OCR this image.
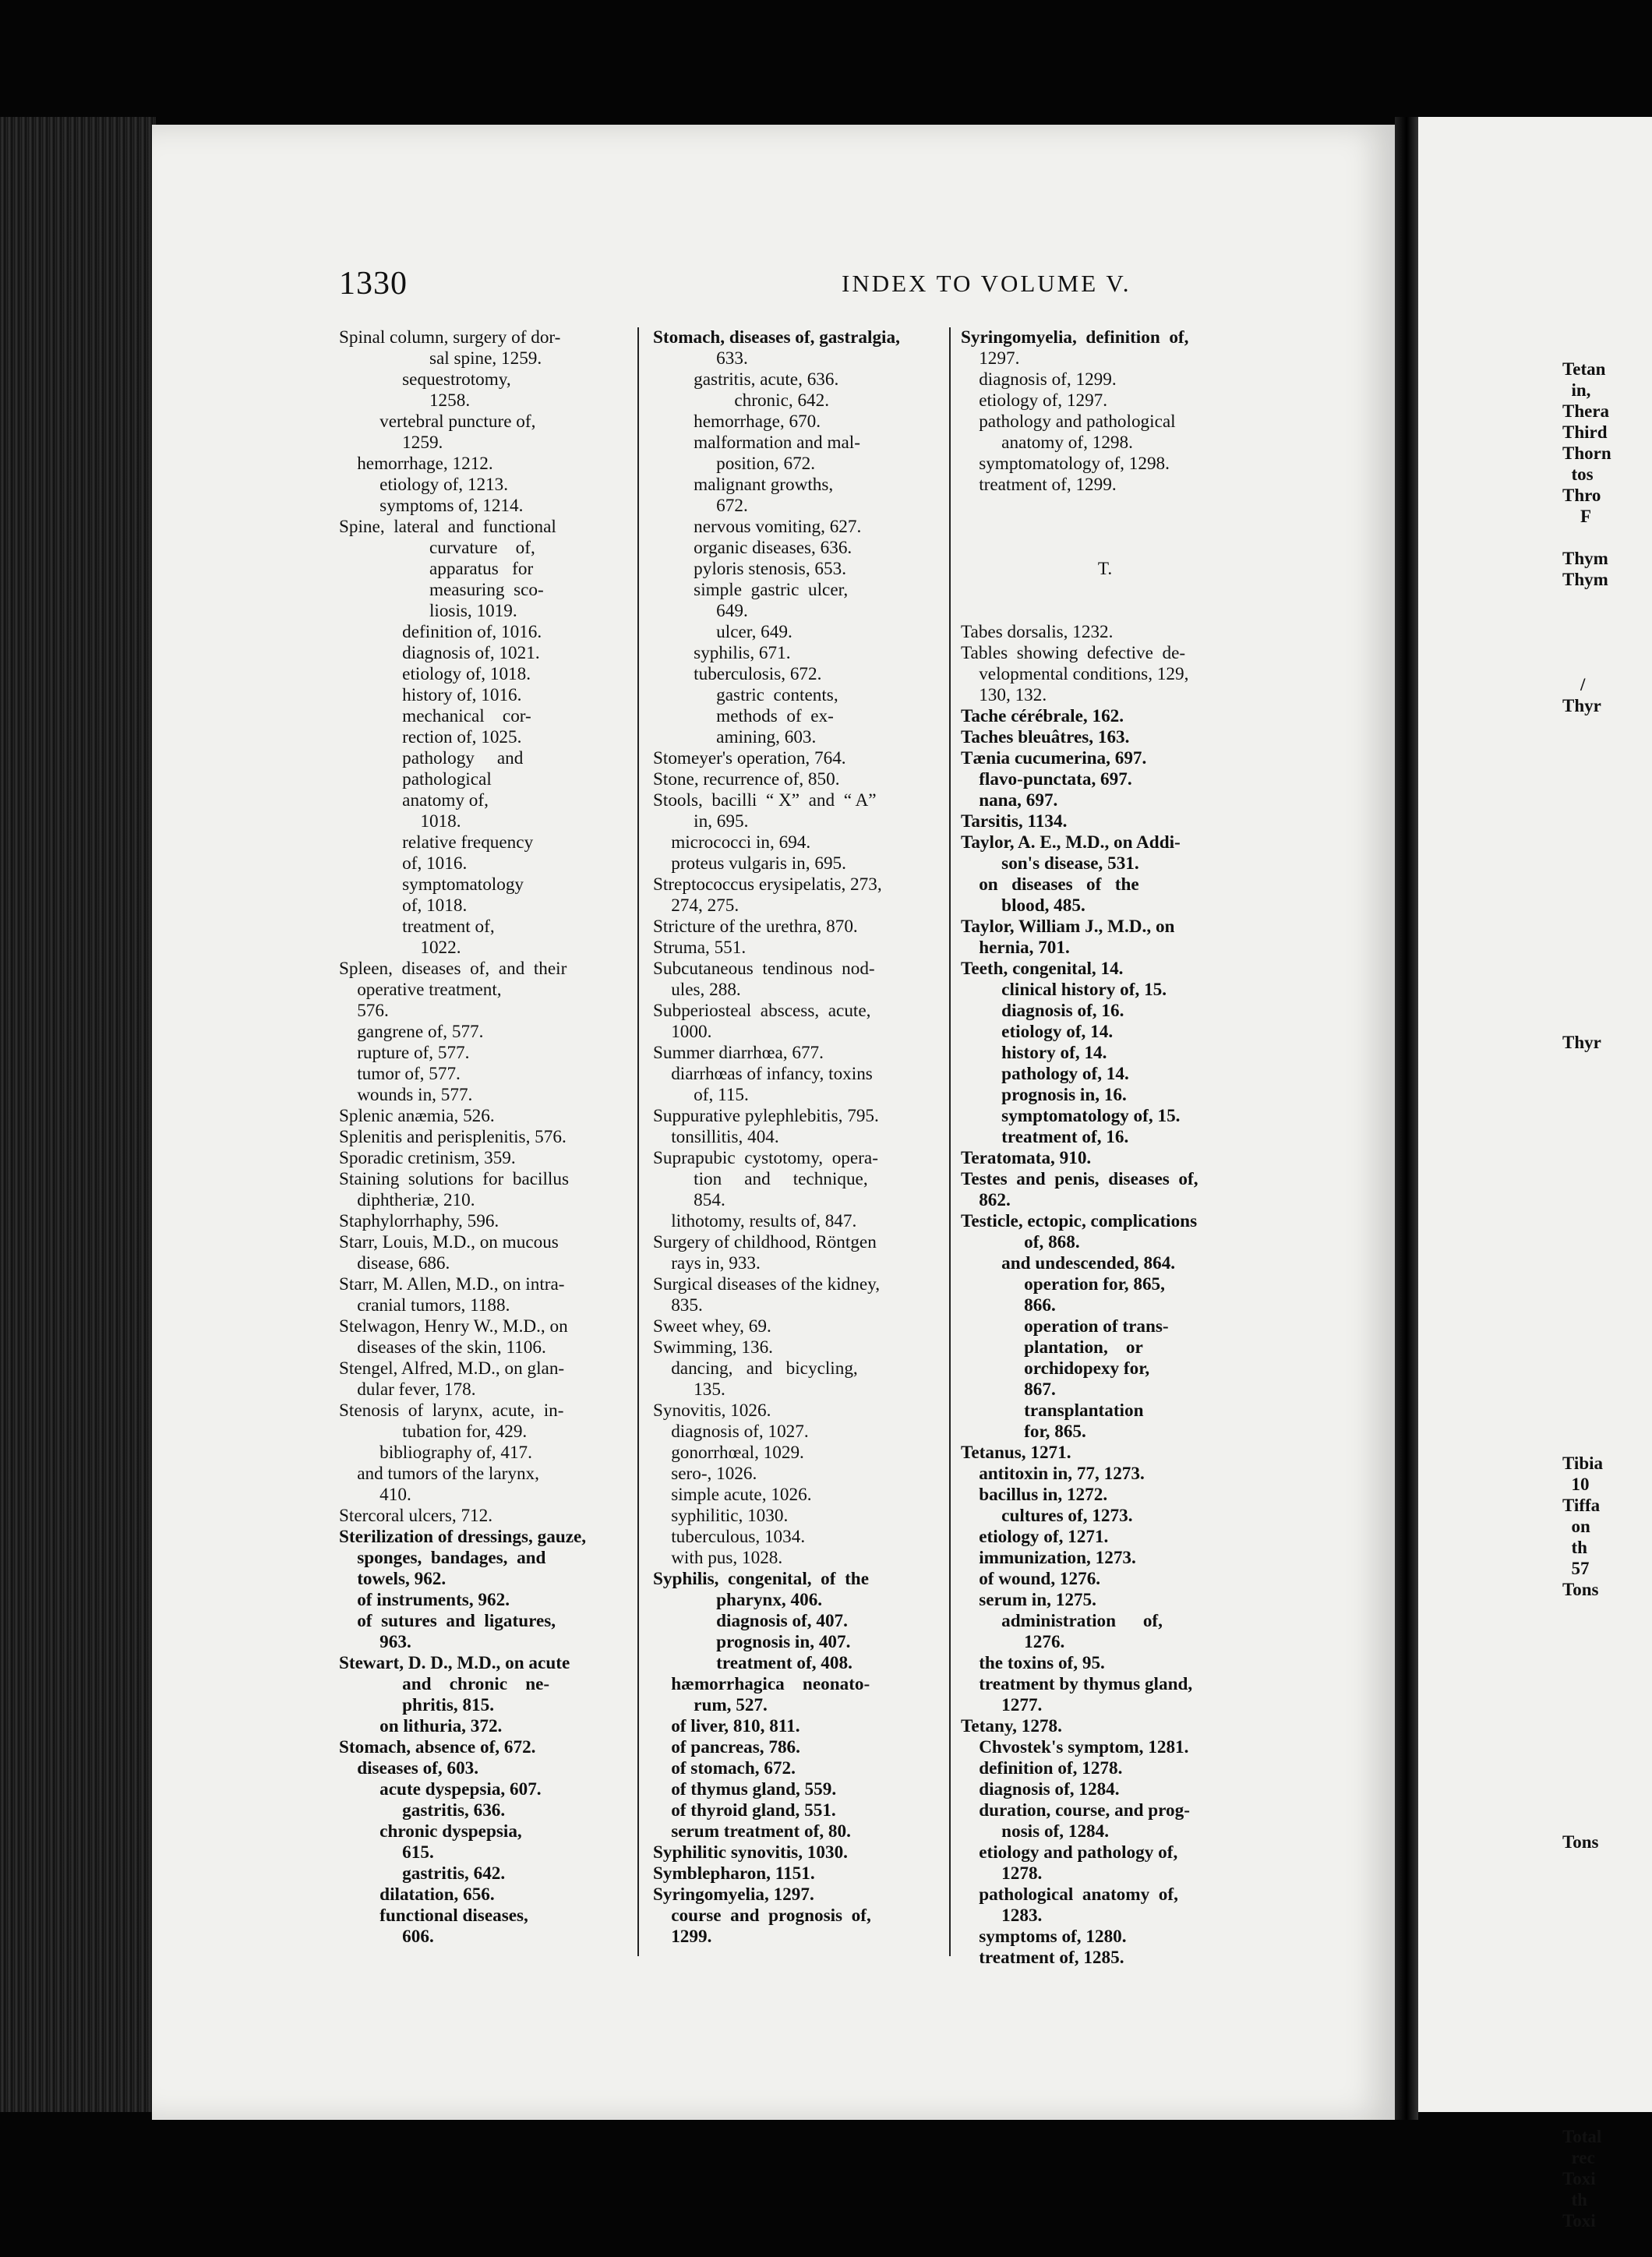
1330	INDEX TO VOLUME V.
Spinal column, surgery of dor-
sal spine, 1259.
sequestrotomy,
1258.
vertebral puncture of,
1259.
hemorrhage, 1212.
etiology of, 1213.
symptoms of, 1214.
Spine,  lateral  and  functional
curvature    of,
apparatus   for
measuring  sco-
liosis, 1019.
definition of, 1016.
diagnosis of, 1021.
etiology of, 1018.
history of, 1016.
mechanical    cor-
rection of, 1025.
pathology     and
pathological
anatomy of,
1018.
relative frequency
of, 1016.
symptomatology
of, 1018.
treatment of,
1022.
Spleen,  diseases  of,  and  their
operative treatment,
576.
gangrene of, 577.
rupture of, 577.
tumor of, 577.
wounds in, 577.
Splenic anæmia, 526.
Splenitis and perisplenitis, 576.
Sporadic cretinism, 359.
Staining  solutions  for  bacillus
diphtheriæ, 210.
Staphylorrhaphy, 596.
Starr, Louis, M.D., on mucous
disease, 686.
Starr, M. Allen, M.D., on intra-
cranial tumors, 1188.
Stelwagon, Henry W., M.D., on
diseases of the skin, 1106.
Stengel, Alfred, M.D., on glan-
dular fever, 178.
Stenosis  of  larynx,  acute,  in-
tubation for, 429.
bibliography of, 417.
and tumors of the larynx,
410.
Stercoral ulcers, 712.
Sterilization of dressings, gauze,
sponges,  bandages,  and
towels, 962.
of instruments, 962.
of  sutures  and  ligatures,
963.
Stewart, D. D., M.D., on acute
and    chronic    ne-
phritis, 815.
on lithuria, 372.
Stomach, absence of, 672.
diseases of, 603.
acute dyspepsia, 607.
gastritis, 636.
chronic dyspepsia,
615.
gastritis, 642.
dilatation, 656.
functional diseases,
606.
Stomach, diseases of, gastralgia,
633.
gastritis, acute, 636.
chronic, 642.
hemorrhage, 670.
malformation and mal-
position, 672.
malignant growths,
672.
nervous vomiting, 627.
organic diseases, 636.
pyloris stenosis, 653.
simple  gastric  ulcer,
649.
ulcer, 649.
syphilis, 671.
tuberculosis, 672.
gastric  contents,
methods  of  ex-
amining, 603.
Stomeyer's operation, 764.
Stone, recurrence of, 850.
Stools,  bacilli  “ X”  and  “ A”
in, 695.
micrococci in, 694.
proteus vulgaris in, 695.
Streptococcus erysipelatis, 273,
274, 275.
Stricture of the urethra, 870.
Struma, 551.
Subcutaneous  tendinous  nod-
ules, 288.
Subperiosteal  abscess,  acute,
1000.
Summer diarrhœa, 677.
diarrhœas of infancy, toxins
of, 115.
Suppurative pylephlebitis, 795.
tonsillitis, 404.
Suprapubic  cystotomy,  opera-
tion     and     technique,
854.
lithotomy, results of, 847.
Surgery of childhood, Röntgen
rays in, 933.
Surgical diseases of the kidney,
835.
Sweet whey, 69.
Swimming, 136.
dancing,   and   bicycling,
135.
Synovitis, 1026.
diagnosis of, 1027.
gonorrhœal, 1029.
sero-, 1026.
simple acute, 1026.
syphilitic, 1030.
tuberculous, 1034.
with pus, 1028.
Syphilis,  congenital,  of  the
pharynx, 406.
diagnosis of, 407.
prognosis in, 407.
treatment of, 408.
hæmorrhagica    neonato-
rum, 527.
of liver, 810, 811.
of pancreas, 786.
of stomach, 672.
of thymus gland, 559.
of thyroid gland, 551.
serum treatment of, 80.
Syphilitic synovitis, 1030.
Symblepharon, 1151.
Syringomyelia, 1297.
course  and  prognosis  of,
1299.
Syringomyelia,  definition  of,
1297.
diagnosis of, 1299.
etiology of, 1297.
pathology and pathological
anatomy of, 1298.
symptomatology of, 1298.
treatment of, 1299.

T.

Tabes dorsalis, 1232.
Tables  showing  defective  de-
velopmental conditions, 129,
130, 132.
Tache cérébrale, 162.
Taches bleuâtres, 163.
Tænia cucumerina, 697.
flavo-punctata, 697.
nana, 697.
Tarsitis, 1134.
Taylor, A. E., M.D., on Addi-
son's disease, 531.
on   diseases   of   the
blood, 485.
Taylor, William J., M.D., on
hernia, 701.
Teeth, congenital, 14.
clinical history of, 15.
diagnosis of, 16.
etiology of, 14.
history of, 14.
pathology of, 14.
prognosis in, 16.
symptomatology of, 15.
treatment of, 16.
Teratomata, 910.
Testes  and  penis,  diseases  of,
862.
Testicle, ectopic, complications
of, 868.
and undescended, 864.
operation for, 865,
866.
operation of trans-
plantation,    or
orchidopexy for,
867.
transplantation
for, 865.
Tetanus, 1271.
antitoxin in, 77, 1273.
bacillus in, 1272.
cultures of, 1273.
etiology of, 1271.
immunization, 1273.
of wound, 1276.
serum in, 1275.
administration      of,
1276.
the toxins of, 95.
treatment by thymus gland,
1277.
Tetany, 1278.
Chvostek's symptom, 1281.
definition of, 1278.
diagnosis of, 1284.
duration, course, and prog-
nosis of, 1284.
etiology and pathology of,
1278.
pathological  anatomy  of,
1283.
symptoms of, 1280.
treatment of, 1285.
Tetan
in,
Thera
Third
Thorn
tos
Thro
F

Thym
Thym

/
Thyr

Thyr

Tibia
10
Tiffa
on
th
57
Tons

Tons

Total
rec
Toxi
th
Toxi
